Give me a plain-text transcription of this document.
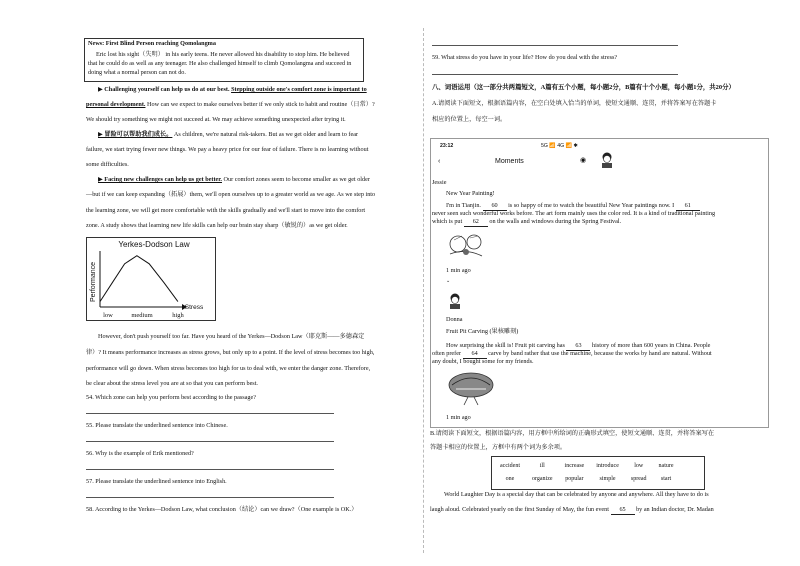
News: First Blind Person reaching Qomolangma
Eric lost his sight（失明） in his early teens. He never allowed his disability to stop him. He believed that he could do as well as any teenager. He also challenged himself to climb Qomolangma and succeed in doing what a normal person can not do.
▶ Challenging yourself can help us do at our best. Stepping outside one's comfort zone is important to
personal development. How can we expect to make ourselves better if we only stick to habit and routine（日常）?
We should try something we might not succeed at. We may achieve something unexpected after trying it.
▶ 冒险可以帮助我们成长。 As children, we're natural risk-takers. But as we get older and learn to fear
failure, we start trying fewer new things. We pay a heavy price for our fear of failure. There is no learning without
some difficulties.
▶ Facing new challenges can help us get better. Our comfort zones seem to become smaller as we get older
—but if we can keep expanding（拓展）them, we'll open ourselves up to a greater world as we age. As we step into
the learning zone, we will get more comfortable with the skills gradually and we'll start to move into the comfort
zone. A study shows that learning new life skills can help our brain stay sharp（敏锐的）as we get older.
Yerkes-Dodson Law
Performance
Stress
low	medium	high
However, don't push yourself too far. Have you heard of the Yerkes—Dodson Law（耶克斯——多德森定
律）? It means performance increases as stress grows, but only up to a point. If the level of stress becomes too high,
performance will go down. When stress becomes too high for us to deal with, we enter the danger zone. Therefore,
be clear about the stress level you are at so that you can perform best.
54. Which zone can help you perform best according to the passage?
55. Please translate the underlined sentence into Chinese.
56. Why is the example of Erik mentioned?
57. Please translate the underlined sentence into English.
58. According to the Yerkes—Dodson Law, what conclusion（结论）can we draw?（One example is OK.）
59. What stress do you have in your life? How do you deal with the stress?
八、词语运用（这一部分共两篇短文，A篇有五个小题，每小题2分，B篇有十个小题，每小题1分，共20分）
A.请阅读下面短文，根据语篇内容，在空白处填入恰当的单词，使短文通顺、连贯，并将答案写在答题卡
相应的位置上，每空一词。
23:12	5G 📶 4G 📶 ✱
‹	Moments	◉
Jessie
New Year Painting!
I'm in Tianjin. 60 is so happy of me to watch the beautiful New Year paintings now. I 61
never seen such wonderful works before. The art form mainly uses the color red. It is a kind of traditional painting
which is put 62 on the walls and windows during the Spring Festival.
1 min ago
⌄
Donna
Fruit Pit Carving (果核雕刻)
How surprising the skill is! Fruit pit carving has 63 history of more than 600 years in China. People
often prefer 64 carve by band rather that use the machine, because the works by hand are natural. Without
any doubt, I bought some for my friends.
1 min ago
B.请阅读下面短文，根据语篇内容，用方框中所给词的正确形式填空，使短文通顺、连贯，并将答案写在
答题卡相应的位置上，方框中有两个词为多余项。
accident	ill	increase	introduce	low	nature
one	organize	popular	simple	spread	start
World Laughter Day is a special day that can be celebrated by anyone and anywhere. All they have to do is
laugh aloud. Celebrated yearly on the first Sunday of May, the fun event 65 by an Indian doctor, Dr. Madan
